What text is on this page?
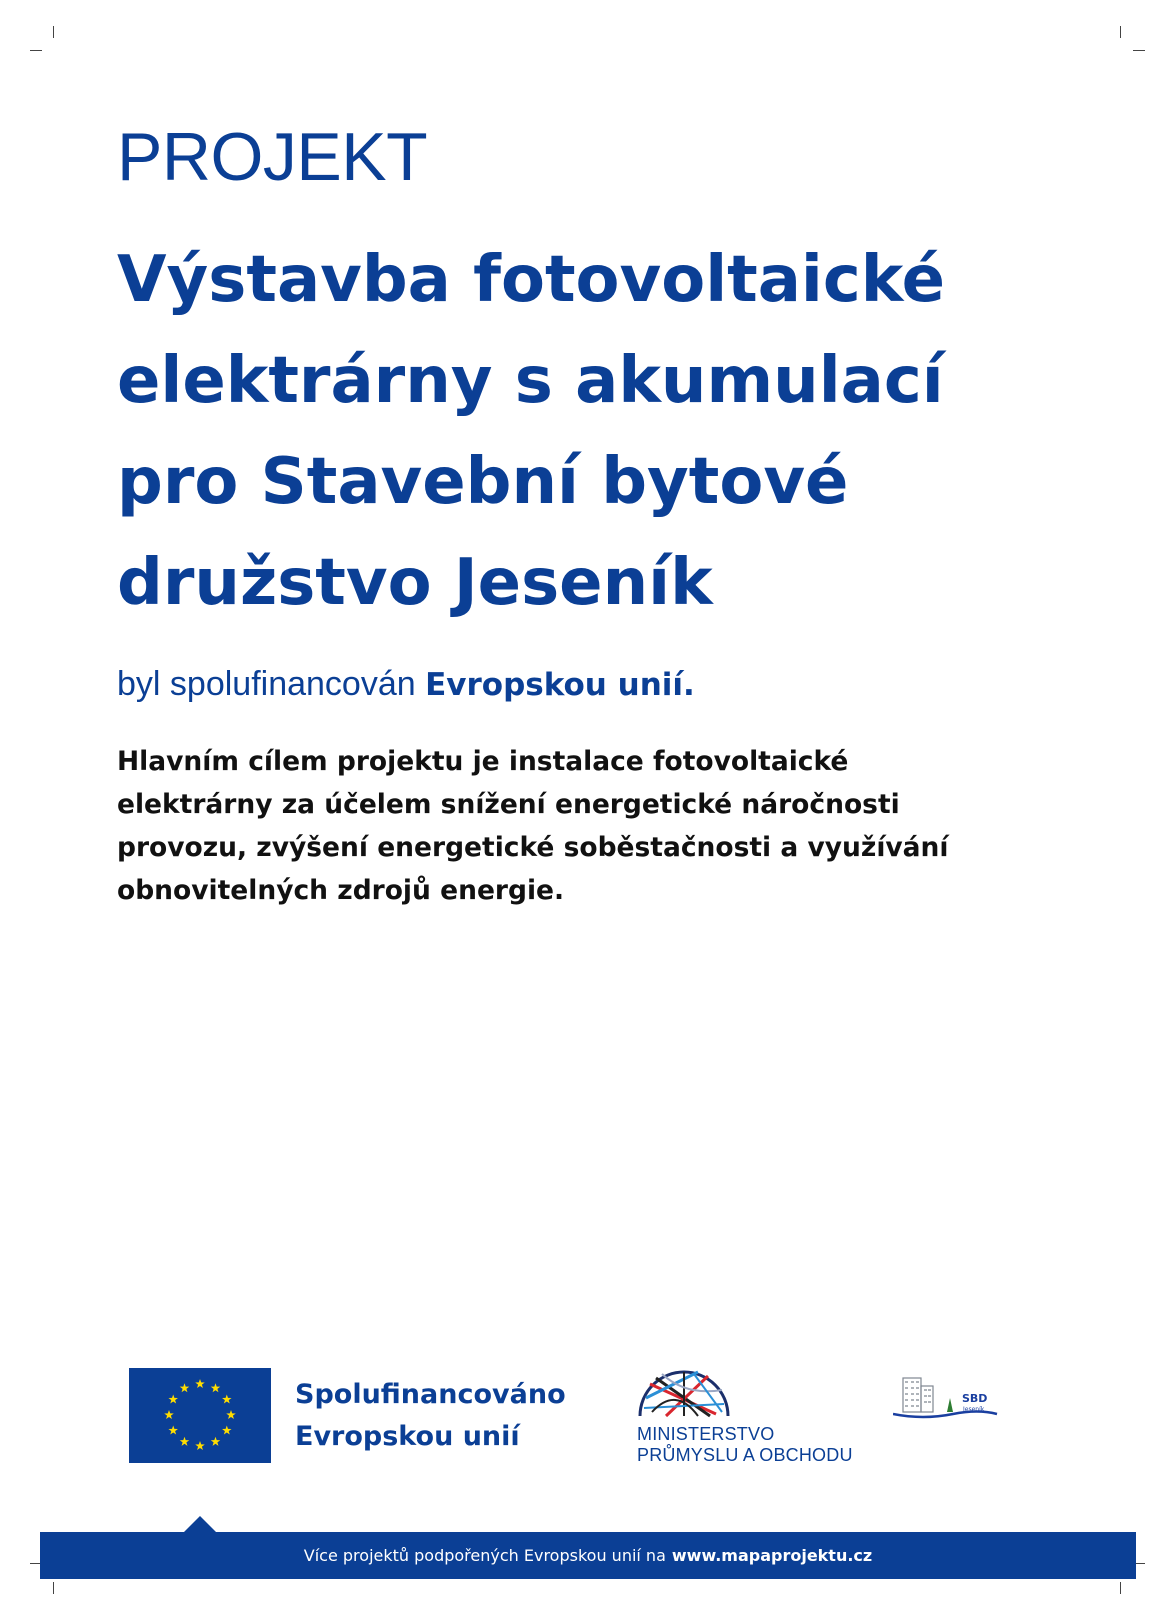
PROJEKT
Výstavba fotovoltaické
elektrárny s akumulací
pro Stavební bytové
družstvo Jeseník
byl spolufinancován Evropskou unií.
Hlavním cílem projektu je instalace fotovoltaické
elektrárny za účelem snížení energetické náročnosti
provozu, zvýšení energetické soběstačnosti a využívání
obnovitelných zdrojů energie.
Spolufinancováno
Evropskou unií	MINISTERSTVO
PRŮMYSLU A OBCHODU
SBD
Jeseník
Více projektů podpořených Evropskou unií na www.mapaprojektu.cz
